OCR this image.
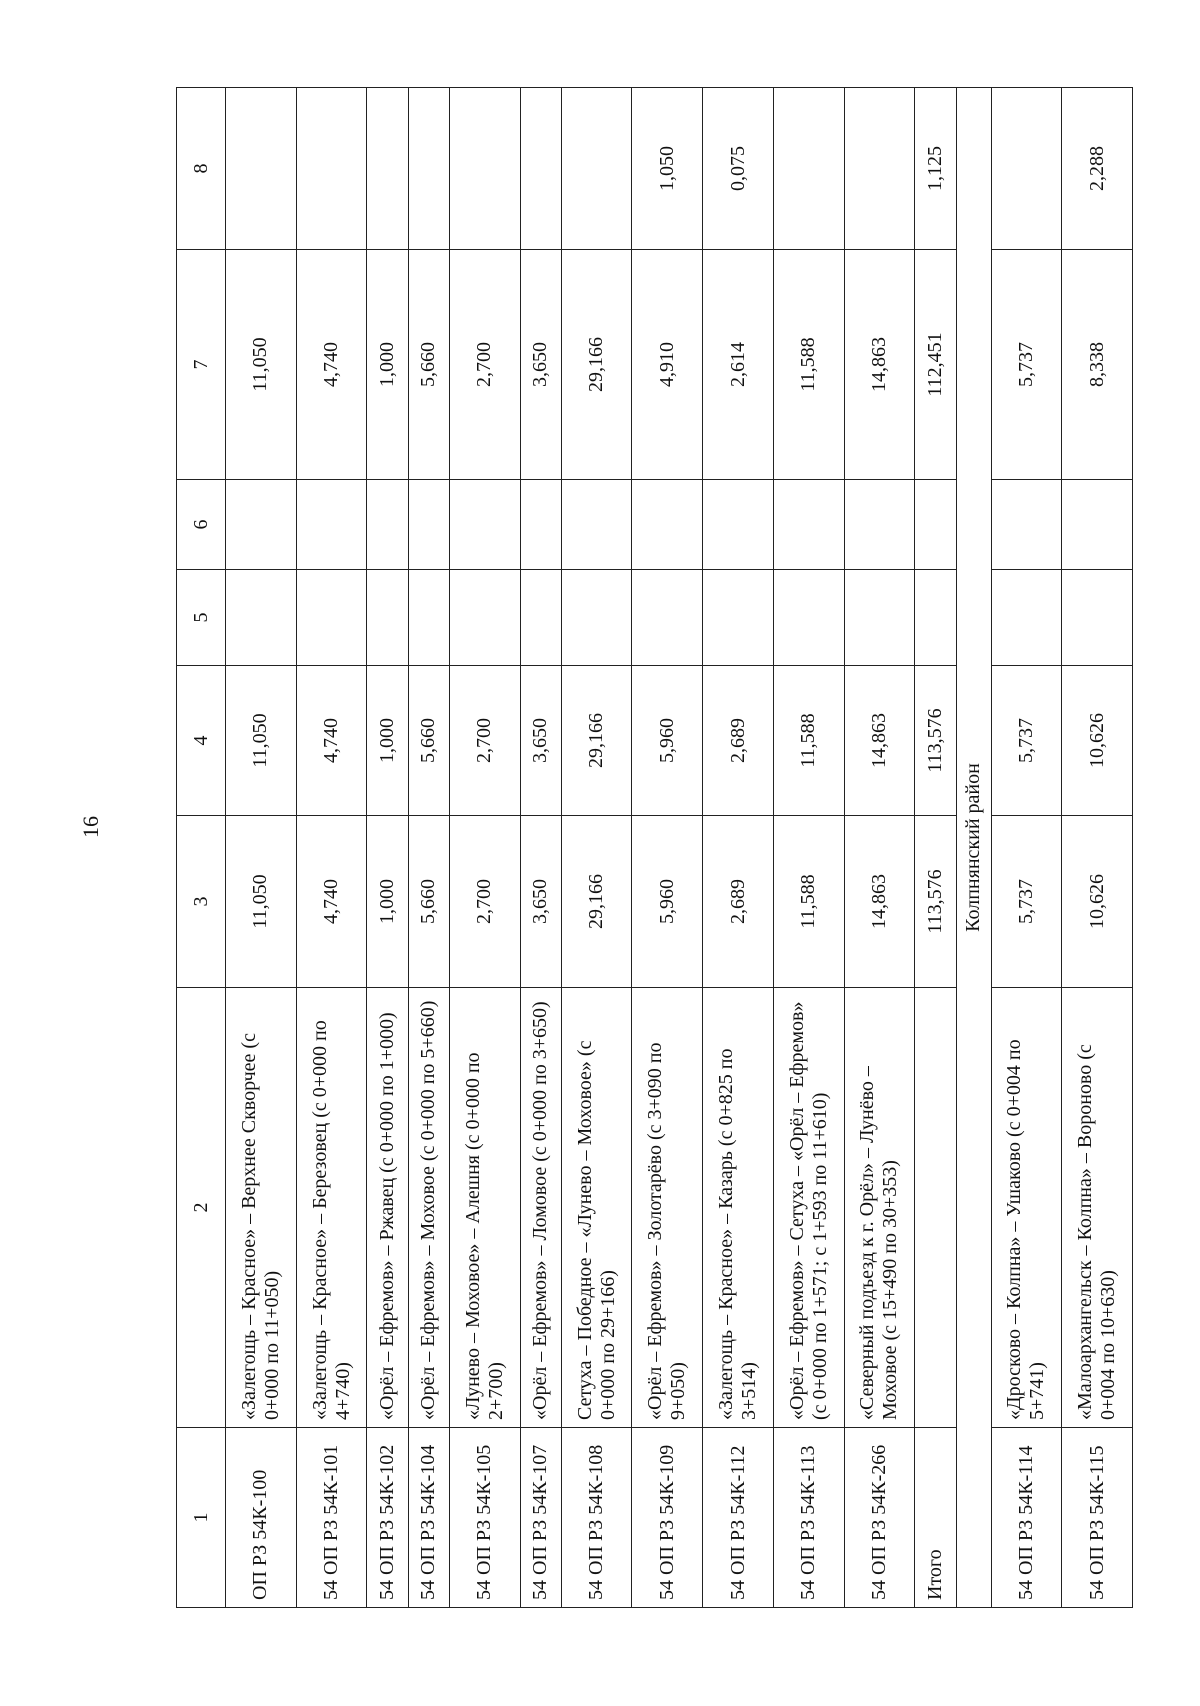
16
1	2	3	4	5	6	7	8
ОП РЗ 54К-100	«Залегощь – Красное» – Верхнее Скворчее (с 0+000 по 11+050)	11,050	11,050			11,050	
54 ОП РЗ 54К-101	«Залегощь – Красное» – Березовец (с 0+000 по 4+740)	4,740	4,740			4,740	
54 ОП РЗ 54К-102	«Орёл – Ефремов» – Ржавец (с 0+000 по 1+000)	1,000	1,000			1,000	
54 ОП РЗ 54К-104	«Орёл – Ефремов» – Моховое (с 0+000 по 5+660)	5,660	5,660			5,660	
54 ОП РЗ 54К-105	«Лунево – Моховое» – Алешня (с 0+000 по 2+700)	2,700	2,700			2,700	
54 ОП РЗ 54К-107	«Орёл – Ефремов» – Ломовое (с 0+000 по 3+650)	3,650	3,650			3,650	
54 ОП РЗ 54К-108	Сетуха – Победное – «Лунево – Моховое» (с 0+000 по 29+166)	29,166	29,166			29,166	
54 ОП РЗ 54К-109	«Орёл – Ефремов» – Золотарёво (с 3+090 по 9+050)	5,960	5,960			4,910	1,050
54 ОП РЗ 54К-112	«Залегощь – Красное» – Казарь (с 0+825 по 3+514)	2,689	2,689			2,614	0,075
54 ОП РЗ 54К-113	«Орёл – Ефремов» – Сетуха – «Орёл – Ефремов» (с 0+000 по 1+571; с 1+593 по 11+610)	11,588	11,588			11,588	
54 ОП РЗ 54К-266	«Северный подъезд к г. Орёл» – Лунёво – Моховое (с 15+490 по 30+353)	14,863	14,863			14,863	
Итого		113,576	113,576			112,451	1,125
Колпнянский район							
54 ОП РЗ 54К-114	«Дросково – Колпна» – Ушаково (с 0+004 по 5+741)	5,737	5,737			5,737	
54 ОП РЗ 54К-115	«Малоархангельск – Колпна» – Вороново (с 0+004 по 10+630)	10,626	10,626			8,338	2,288
